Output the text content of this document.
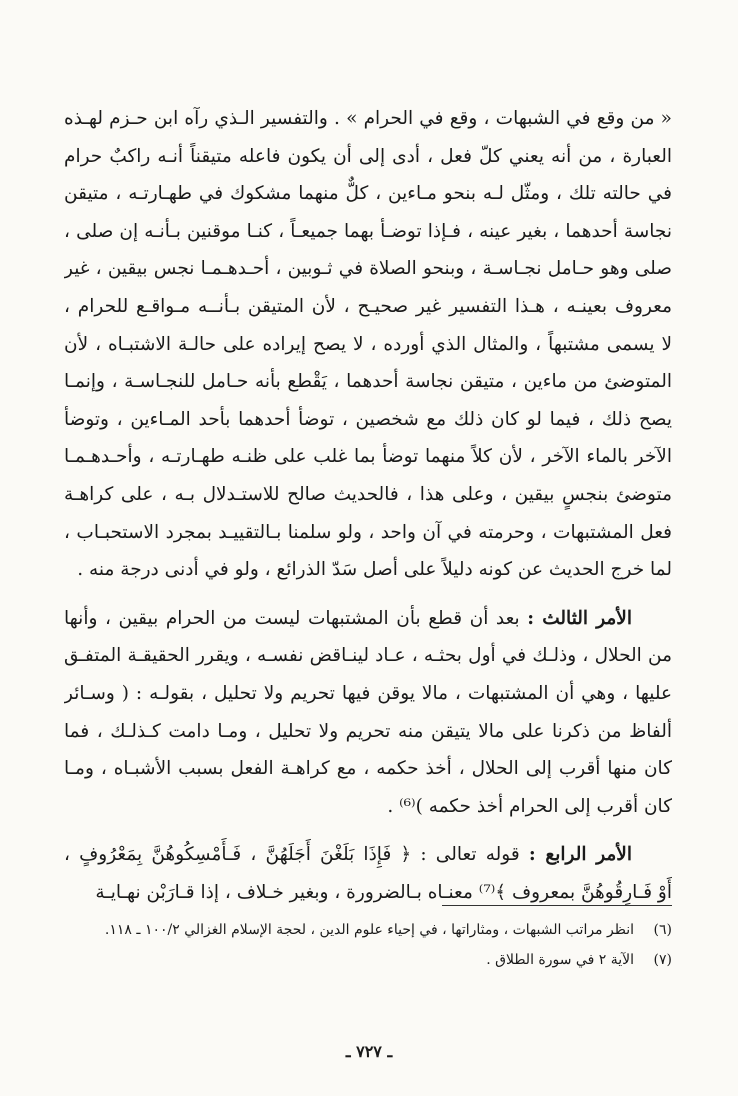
« من وقع في الشبهات ، وقع في الحرام » . والتفسير الـذي رآه ابن حـزم لهـذه
العبارة ، من أنه يعني كلّ فعل ، أدى إلى أن يكون فاعله متيقناً أنـه راكبٌ حرام
في حالته تلك ، ومثّل لـه بنحو مـاءين ، كلٌّ منهما مشكوك في طهـارتـه ، متيقن
نجاسة أحدهما ، بغير عينه ، فـإذا توضـأ بهما جميعـاً ، كنـا موقنين بـأنـه إن صلى ،
صلى وهو حـامل نجـاسـة ، وبنحو الصلاة في ثـوبين ، أحـدهـمـا نجس بيقين ، غير
معروف بعينـه ، هـذا التفسير غير صحيـح ، لأن المتيقن بـأنــه مـواقـع للحرام ،
لا يسمى مشتبهاً ، والمثال الذي أورده ، لا يصح إيراده على حالـة الاشتبـاه ، لأن
المتوضئ من ماءين ، متيقن نجاسة أحدهما ، يَقْطع بأنه حـامل للنجـاسـة ، وإنمـا
يصح ذلك ، فيما لو كان ذلك مع شخصين ، توضأ أحدهما بأحد المـاءين ، وتوضأ
الآخر بالماء الآخر ، لأن كلاً منهما توضأ بما غلب على ظنـه طهـارتـه ، وأحـدهـمـا
متوضئ بنجسٍ بيقين ، وعلى هذا ، فالحديث صالح للاستـدلال بـه ، على كراهـة
فعل المشتبهات ، وحرمته في آن واحد ، ولو سلمنا بـالتقييـد بمجرد الاستحبـاب ،
لما خرج الحديث عن كونه دليلاً على أصل سَدّ الذرائع ، ولو في أدنى درجة منه .
الأمر الثالث : بعد أن قطع بأن المشتبهات ليست من الحرام بيقين ، وأنها
من الحلال ، وذلـك في أول بحثـه ، عـاد لينـاقض نفسـه ، ويقرر الحقيقـة المتفـق
عليها ، وهي أن المشتبهات ، مالا يوقن فيها تحريم ولا تحليل ، بقولـه : ( وسـائر
ألفاظ من ذكرنا على مالا يتيقن منه تحريم ولا تحليل ، ومـا دامت كـذلـك ، فما
كان منها أقرب إلى الحلال ، أخذ حكمه ، مع كراهـة الفعل بسبب الأشبـاه ، ومـا
كان أقرب إلى الحرام أخذ حكمه )⁽⁶⁾ .
الأمر الرابع : قوله تعالى : ﴿ فَإِذَا بَلَغْنَ أَجَلَهُنَّ ، فَـأَمْسِكُوهُنَّ بِمَعْرُوفٍ ،
أَوْ فَـارِقُوهُنَّ بمعروف ﴾⁽⁷⁾ معنـاه بـالضرورة ، وبغير خـلاف ، إذا قـارَبْن نهـايـة
(٦)انظر مراتب الشبهات ، ومثاراتها ، في إحياء علوم الدين ، لحجة الإسلام الغزالي ١٠٠/٢ ـ ١١٨.
(٧)الآية ٢ في سورة الطلاق .
ـ ٧٢٧ ـ
